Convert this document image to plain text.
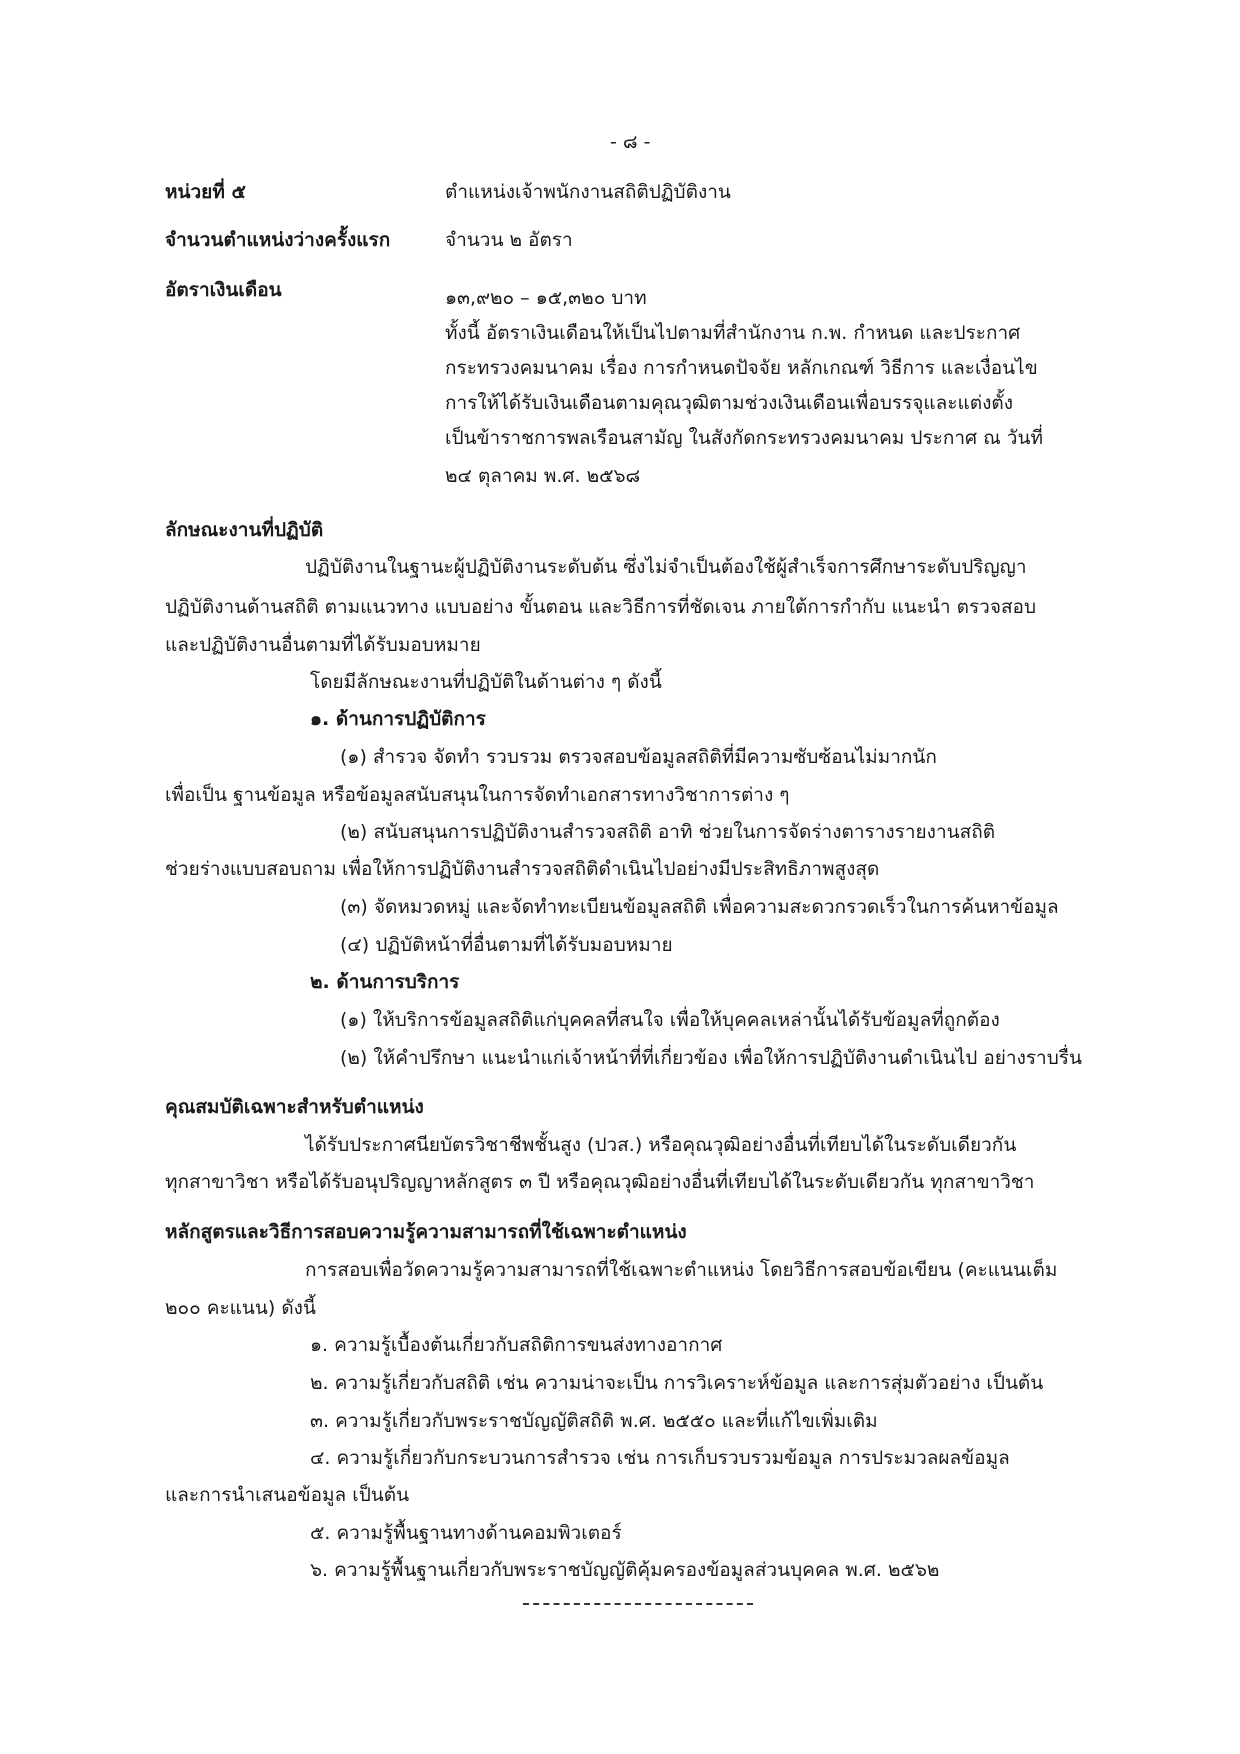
- ๘ -
หน่วยที่ ๕	ตำแหน่งเจ้าพนักงานสถิติปฏิบัติงาน
จำนวนตำแหน่งว่างครั้งแรก	จำนวน ๒ อัตรา
อัตราเงินเดือน	๑๓,๙๒๐ – ๑๕,๓๒๐ บาท
ทั้งนี้ อัตราเงินเดือนให้เป็นไปตามที่สำนักงาน ก.พ. กำหนด และประกาศ
กระทรวงคมนาคม เรื่อง การกำหนดปัจจัย หลักเกณฑ์ วิธีการ และเงื่อนไข
การให้ได้รับเงินเดือนตามคุณวุฒิตามช่วงเงินเดือนเพื่อบรรจุและแต่งตั้ง
เป็นข้าราชการพลเรือนสามัญ ในสังกัดกระทรวงคมนาคม ประกาศ ณ วันที่
๒๔ ตุลาคม พ.ศ. ๒๕๖๘
ลักษณะงานที่ปฏิบัติ
ปฏิบัติงานในฐานะผู้ปฏิบัติงานระดับต้น ซึ่งไม่จำเป็นต้องใช้ผู้สำเร็จการศึกษาระดับปริญญา
ปฏิบัติงานด้านสถิติ ตามแนวทาง แบบอย่าง ขั้นตอน และวิธีการที่ชัดเจน ภายใต้การกำกับ แนะนำ ตรวจสอบ
และปฏิบัติงานอื่นตามที่ได้รับมอบหมาย
โดยมีลักษณะงานที่ปฏิบัติในด้านต่าง ๆ ดังนี้
๑. ด้านการปฏิบัติการ
(๑) สำรวจ จัดทำ รวบรวม ตรวจสอบข้อมูลสถิติที่มีความซับซ้อนไม่มากนัก
เพื่อเป็น ฐานข้อมูล หรือข้อมูลสนับสนุนในการจัดทำเอกสารทางวิชาการต่าง ๆ
(๒) สนับสนุนการปฏิบัติงานสำรวจสถิติ อาทิ ช่วยในการจัดร่างตารางรายงานสถิติ
ช่วยร่างแบบสอบถาม เพื่อให้การปฏิบัติงานสำรวจสถิติดำเนินไปอย่างมีประสิทธิภาพสูงสุด
(๓) จัดหมวดหมู่ และจัดทำทะเบียนข้อมูลสถิติ เพื่อความสะดวกรวดเร็วในการค้นหาข้อมูล
(๔) ปฏิบัติหน้าที่อื่นตามที่ได้รับมอบหมาย
๒. ด้านการบริการ
(๑) ให้บริการข้อมูลสถิติแก่บุคคลที่สนใจ เพื่อให้บุคคลเหล่านั้นได้รับข้อมูลที่ถูกต้อง
(๒) ให้คำปรึกษา แนะนำแก่เจ้าหน้าที่ที่เกี่ยวข้อง เพื่อให้การปฏิบัติงานดำเนินไป อย่างราบรื่น
คุณสมบัติเฉพาะสำหรับตำแหน่ง
ได้รับประกาศนียบัตรวิชาชีพชั้นสูง (ปวส.) หรือคุณวุฒิอย่างอื่นที่เทียบได้ในระดับเดียวกัน
ทุกสาขาวิชา หรือได้รับอนุปริญญาหลักสูตร ๓ ปี หรือคุณวุฒิอย่างอื่นที่เทียบได้ในระดับเดียวกัน ทุกสาขาวิชา
หลักสูตรและวิธีการสอบความรู้ความสามารถที่ใช้เฉพาะตำแหน่ง
การสอบเพื่อวัดความรู้ความสามารถที่ใช้เฉพาะตำแหน่ง โดยวิธีการสอบข้อเขียน (คะแนนเต็ม
๒๐๐ คะแนน) ดังนี้
๑. ความรู้เบื้องต้นเกี่ยวกับสถิติการขนส่งทางอากาศ
๒. ความรู้เกี่ยวกับสถิติ เช่น ความน่าจะเป็น การวิเคราะห์ข้อมูล และการสุ่มตัวอย่าง เป็นต้น
๓. ความรู้เกี่ยวกับพระราชบัญญัติสถิติ พ.ศ. ๒๕๕๐ และที่แก้ไขเพิ่มเติม
๔. ความรู้เกี่ยวกับกระบวนการสำรวจ เช่น การเก็บรวบรวมข้อมูล การประมวลผลข้อมูล
และการนำเสนอข้อมูล เป็นต้น
๕. ความรู้พื้นฐานทางด้านคอมพิวเตอร์
๖. ความรู้พื้นฐานเกี่ยวกับพระราชบัญญัติคุ้มครองข้อมูลส่วนบุคคล พ.ศ. ๒๕๖๒
